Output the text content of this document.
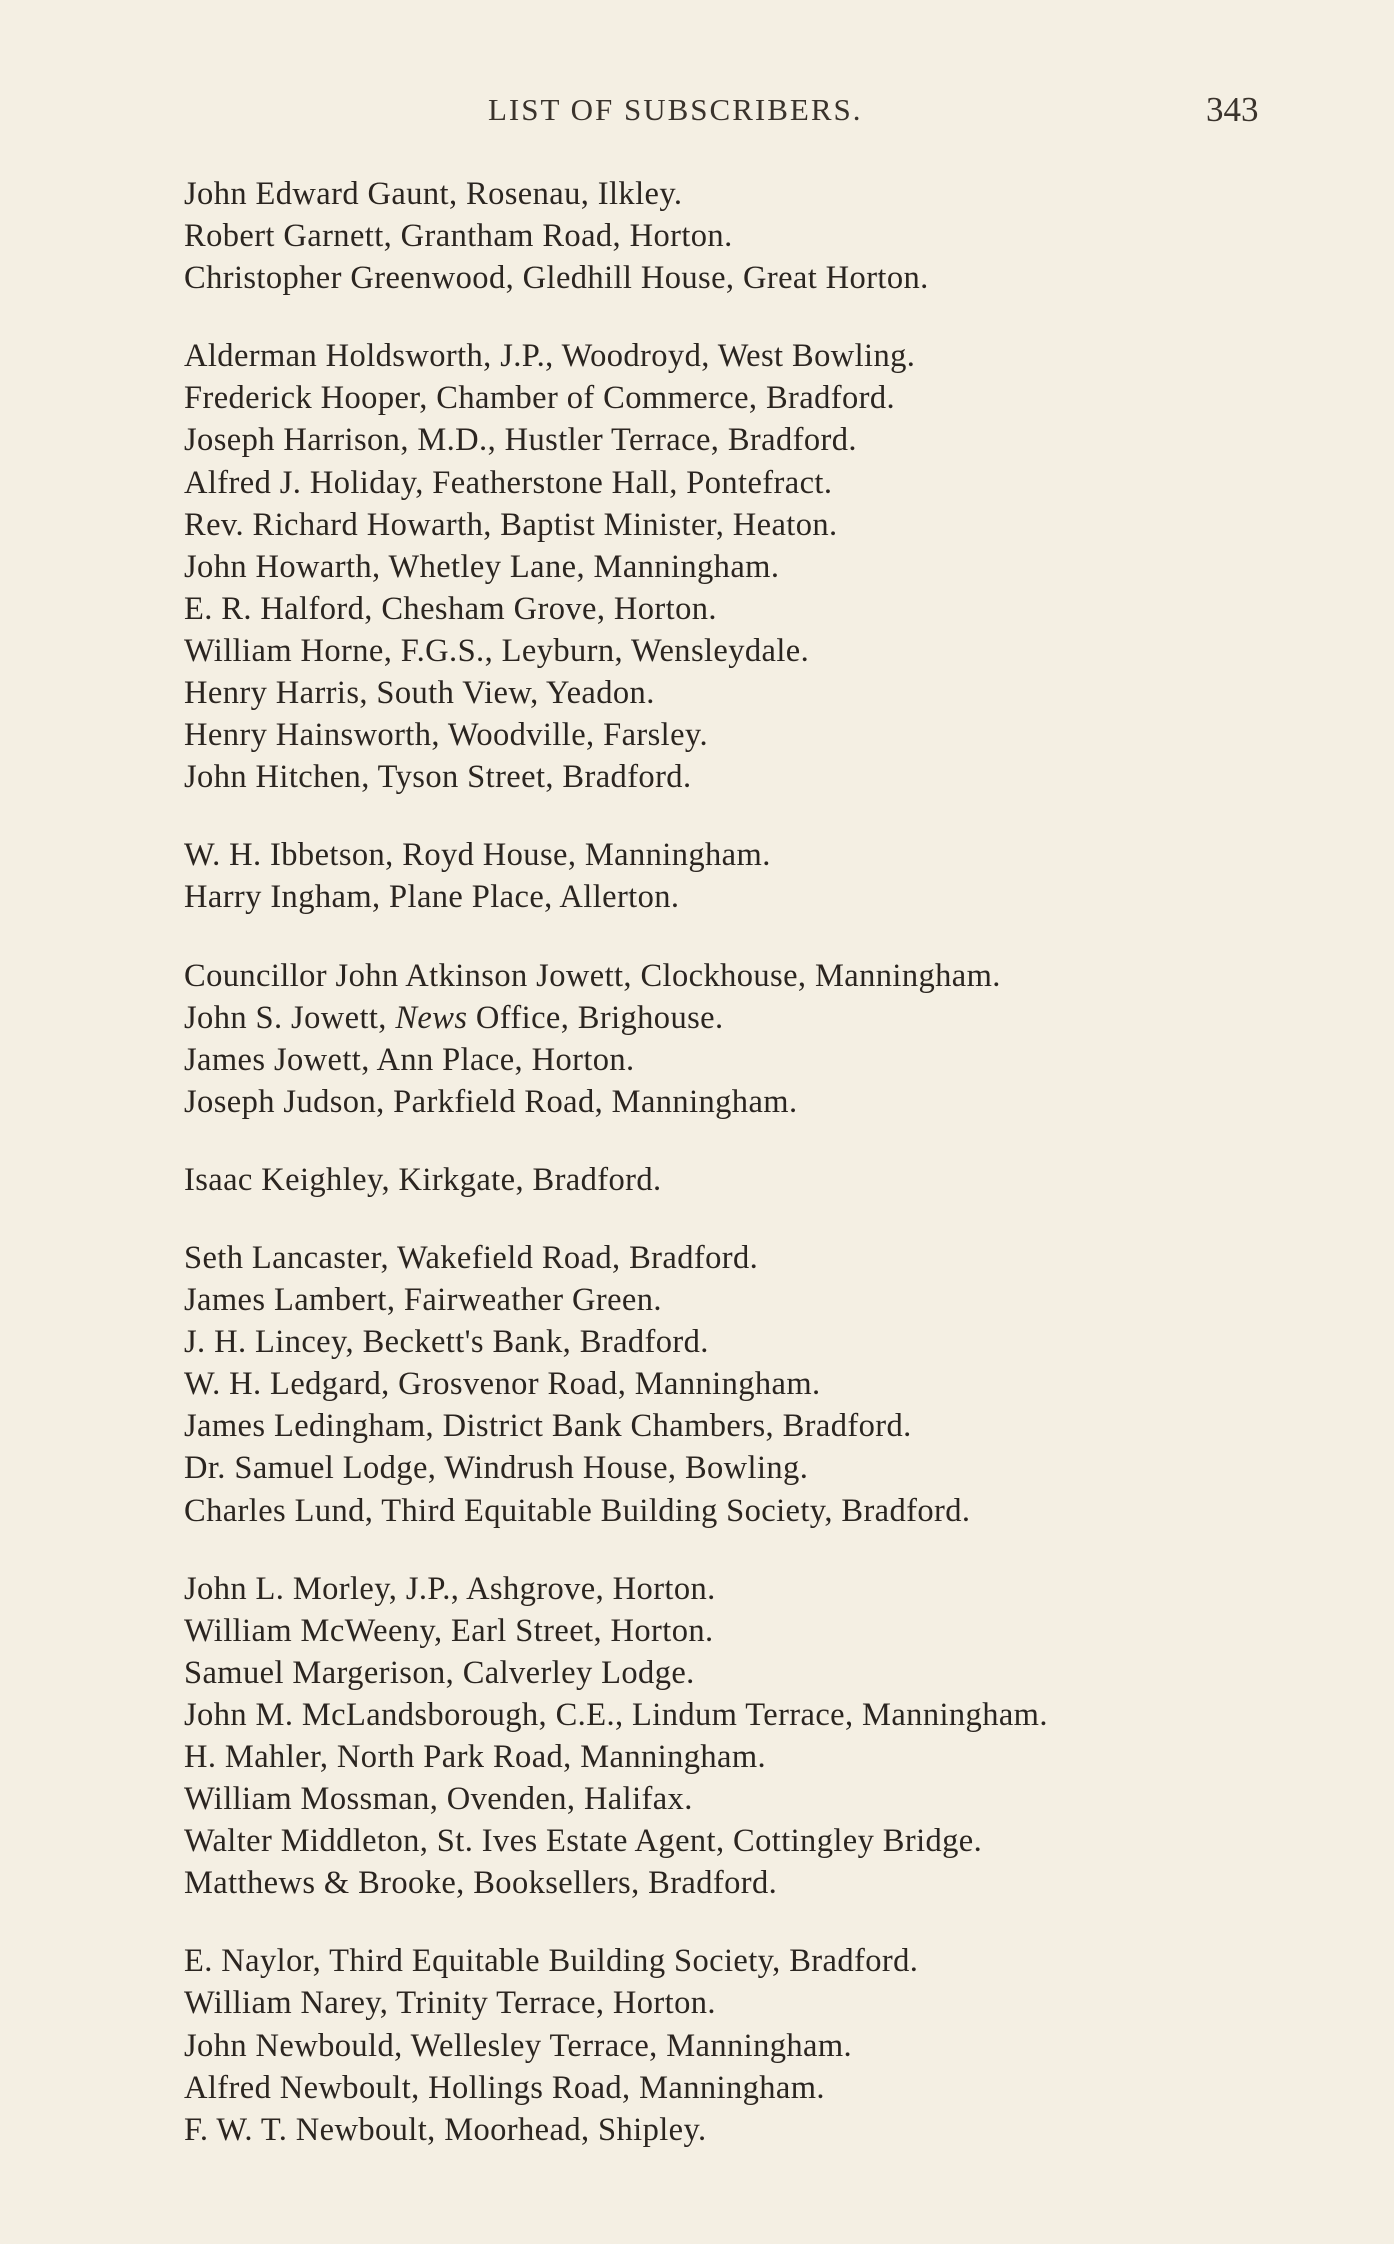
LIST OF SUBSCRIBERS.	343
John Edward Gaunt, Rosenau, Ilkley.
Robert Garnett, Grantham Road, Horton.
Christopher Greenwood, Gledhill House, Great Horton.
Alderman Holdsworth, J.P., Woodroyd, West Bowling.
Frederick Hooper, Chamber of Commerce, Bradford.
Joseph Harrison, M.D., Hustler Terrace, Bradford.
Alfred J. Holiday, Featherstone Hall, Pontefract.
Rev. Richard Howarth, Baptist Minister, Heaton.
John Howarth, Whetley Lane, Manningham.
E. R. Halford, Chesham Grove, Horton.
William Horne, F.G.S., Leyburn, Wensleydale.
Henry Harris, South View, Yeadon.
Henry Hainsworth, Woodville, Farsley.
John Hitchen, Tyson Street, Bradford.
W. H. Ibbetson, Royd House, Manningham.
Harry Ingham, Plane Place, Allerton.
Councillor John Atkinson Jowett, Clockhouse, Manningham.
John S. Jowett, News Office, Brighouse.
James Jowett, Ann Place, Horton.
Joseph Judson, Parkfield Road, Manningham.
Isaac Keighley, Kirkgate, Bradford.
Seth Lancaster, Wakefield Road, Bradford.
James Lambert, Fairweather Green.
J. H. Lincey, Beckett's Bank, Bradford.
W. H. Ledgard, Grosvenor Road, Manningham.
James Ledingham, District Bank Chambers, Bradford.
Dr. Samuel Lodge, Windrush House, Bowling.
Charles Lund, Third Equitable Building Society, Bradford.
John L. Morley, J.P., Ashgrove, Horton.
William McWeeny, Earl Street, Horton.
Samuel Margerison, Calverley Lodge.
John M. McLandsborough, C.E., Lindum Terrace, Manningham.
H. Mahler, North Park Road, Manningham.
William Mossman, Ovenden, Halifax.
Walter Middleton, St. Ives Estate Agent, Cottingley Bridge.
Matthews & Brooke, Booksellers, Bradford.
E. Naylor, Third Equitable Building Society, Bradford.
William Narey, Trinity Terrace, Horton.
John Newbould, Wellesley Terrace, Manningham.
Alfred Newboult, Hollings Road, Manningham.
F. W. T. Newboult, Moorhead, Shipley.
